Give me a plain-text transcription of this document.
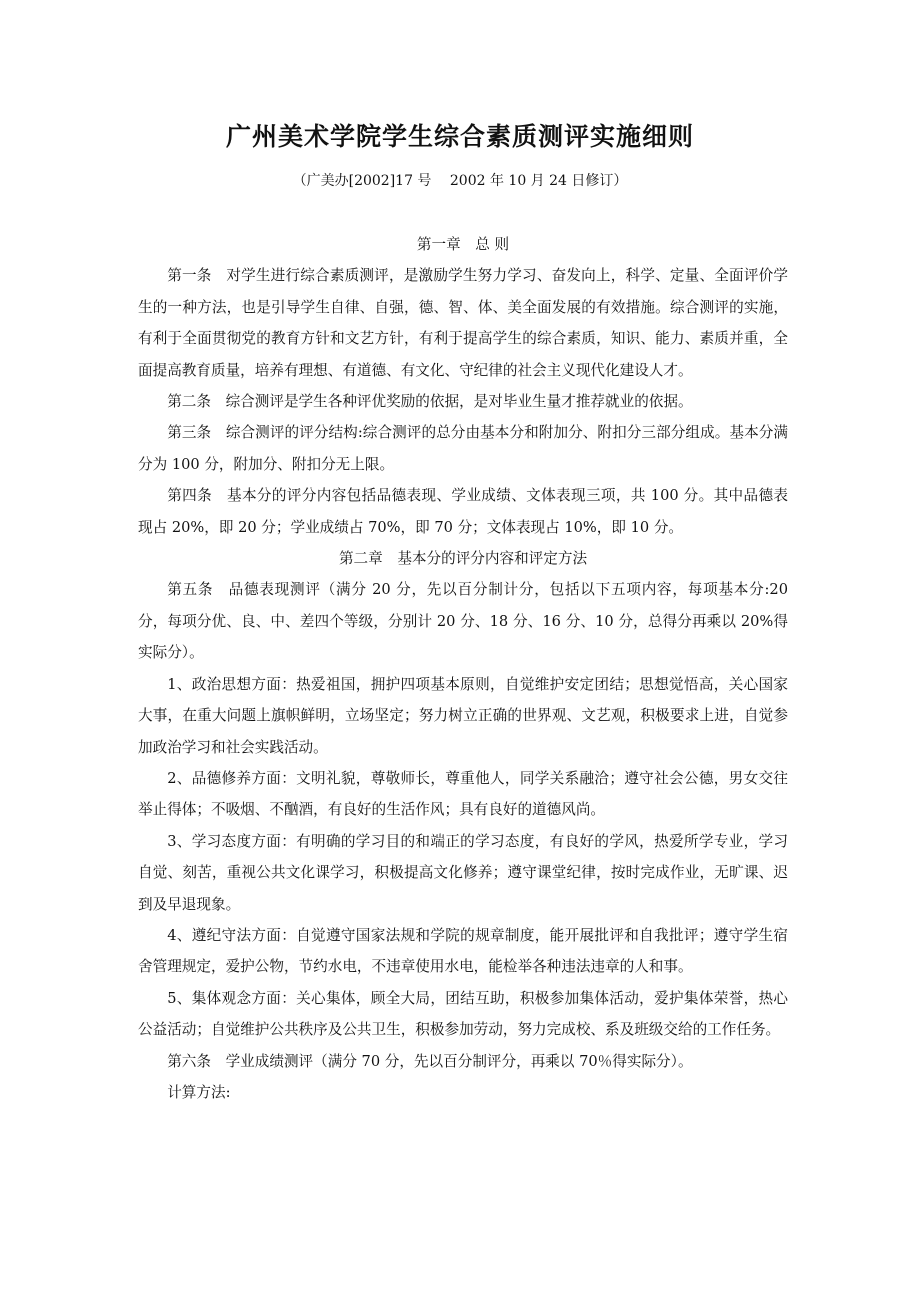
广州美术学院学生综合素质测评实施细则
（广美办[2002]17 号　 2002 年 10 月 24 日修订）
第一章　总 则

第一条　对学生进行综合素质测评，是激励学生努力学习、奋发向上，科学、定量、全面评价学生的一种方法，也是引导学生自律、自强，德、智、体、美全面发展的有效措施。综合测评的实施，有利于全面贯彻党的教育方针和文艺方针，有利于提高学生的综合素质，知识、能力、素质并重，全面提高教育质量，培养有理想、有道德、有文化、守纪律的社会主义现代化建设人才。

第二条　综合测评是学生各种评优奖励的依据，是对毕业生量才推荐就业的依据。

第三条　综合测评的评分结构:综合测评的总分由基本分和附加分、附扣分三部分组成。基本分满分为 100 分，附加分、附扣分无上限。

第四条　基本分的评分内容包括品德表现、学业成绩、文体表现三项，共 100 分。其中品德表现占 20%，即 20 分；学业成绩占 70%，即 70 分；文体表现占 10%，即 10 分。

第二章　基本分的评分内容和评定方法

第五条　品德表现测评（满分 20 分，先以百分制计分，包括以下五项内容，每项基本分:20 分，每项分优、良、中、差四个等级，分别计 20 分、18 分、16 分、10 分，总得分再乘以 20%得实际分）。

1、政治思想方面：热爱祖国，拥护四项基本原则，自觉维护安定团结；思想觉悟高，关心国家大事，在重大问题上旗帜鲜明，立场坚定；努力树立正确的世界观、文艺观，积极要求上进，自觉参加政治学习和社会实践活动。

2、品德修养方面：文明礼貌，尊敬师长，尊重他人，同学关系融洽；遵守社会公德，男女交往举止得体；不吸烟、不酗酒，有良好的生活作风；具有良好的道德风尚。

3、学习态度方面：有明确的学习目的和端正的学习态度，有良好的学风，热爱所学专业，学习自觉、刻苦，重视公共文化课学习，积极提高文化修养；遵守课堂纪律，按时完成作业，无旷课、迟到及早退现象。

4、遵纪守法方面：自觉遵守国家法规和学院的规章制度，能开展批评和自我批评；遵守学生宿舍管理规定，爱护公物，节约水电，不违章使用水电，能检举各种违法违章的人和事。

5、集体观念方面：关心集体，顾全大局，团结互助，积极参加集体活动，爱护集体荣誉，热心公益活动；自觉维护公共秩序及公共卫生，积极参加劳动，努力完成校、系及班级交给的工作任务。

第六条　学业成绩测评（满分 70 分，先以百分制评分，再乘以 70％得实际分）。

计算方法:
